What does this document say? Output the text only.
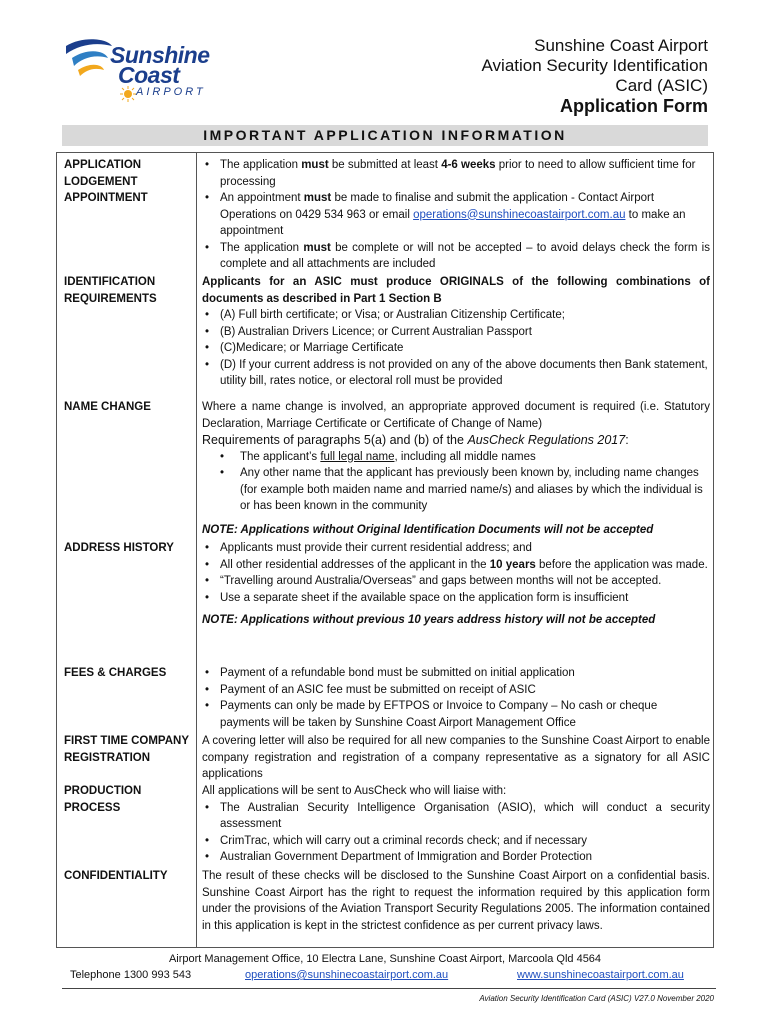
Sunshine
Coast
AIRPORT
Sunshine Coast Airport
Aviation Security Identification
Card (ASIC)
Application Form
IMPORTANT APPLICATION INFORMATION
APPLICATION LODGEMENT APPOINTMENT
• The application must be submitted at least 4-6 weeks prior to need to allow sufficient time for processing
• An appointment must be made to finalise and submit the application - Contact Airport Operations on 0429 534 963 or email operations@sunshinecoastairport.com.au to make an appointment
• The application must be complete or will not be accepted – to avoid delays check the form is complete and all attachments are included
IDENTIFICATION REQUIREMENTS
Applicants for an ASIC must produce ORIGINALS of the following combinations of documents as described in Part 1 Section B
• (A) Full birth certificate; or Visa; or Australian Citizenship Certificate;
• (B) Australian Drivers Licence; or Current Australian Passport
• (C)Medicare; or Marriage Certificate
• (D) If your current address is not provided on any of the above documents then Bank statement, utility bill, rates notice, or electoral roll must be provided
NAME CHANGE	Where a name change is involved, an appropriate approved document is required (i.e. Statutory Declaration, Marriage Certificate or Certificate of Change of Name)
Requirements of paragraphs 5(a) and (b) of the AusCheck Regulations 2017:
• The applicant’s full legal name, including all middle names
• Any other name that the applicant has previously been known by, including name changes (for example both maiden name and married name/s) and aliases by which the individual is or has been known in the community
NOTE: Applications without Original Identification Documents will not be accepted
ADDRESS HISTORY	• Applicants must provide their current residential address; and
• All other residential addresses of the applicant in the 10 years before the application was made.
• “Travelling around Australia/Overseas” and gaps between months will not be accepted.
• Use a separate sheet if the available space on the application form is insufficient
NOTE: Applications without previous 10 years address history will not be accepted
FEES & CHARGES	• Payment of a refundable bond must be submitted on initial application
• Payment of an ASIC fee must be submitted on receipt of ASIC
• Payments can only be made by EFTPOS or Invoice to Company – No cash or cheque payments will be taken by Sunshine Coast Airport Management Office
FIRST TIME COMPANY REGISTRATION
A covering letter will also be required for all new companies to the Sunshine Coast Airport to enable company registration and registration of a company representative as a signatory for all ASIC applications
PRODUCTION PROCESS
All applications will be sent to AusCheck who will liaise with:
• The Australian Security Intelligence Organisation (ASIO), which will conduct a security assessment
• CrimTrac, which will carry out a criminal records check; and if necessary
• Australian Government Department of Immigration and Border Protection
CONFIDENTIALITY	The result of these checks will be disclosed to the Sunshine Coast Airport on a confidential basis. Sunshine Coast Airport has the right to request the information required by this application form under the provisions of the Aviation Transport Security Regulations 2005. The information contained in this application is kept in the strictest confidence as per current privacy laws.
Airport Management Office, 10 Electra Lane, Sunshine Coast Airport, Marcoola Qld 4564
Telephone 1300 993 543	operations@sunshinecoastairport.com.au	www.sunshinecoastairport.com.au
Aviation Security Identification Card (ASIC) V27.0 November 2020
